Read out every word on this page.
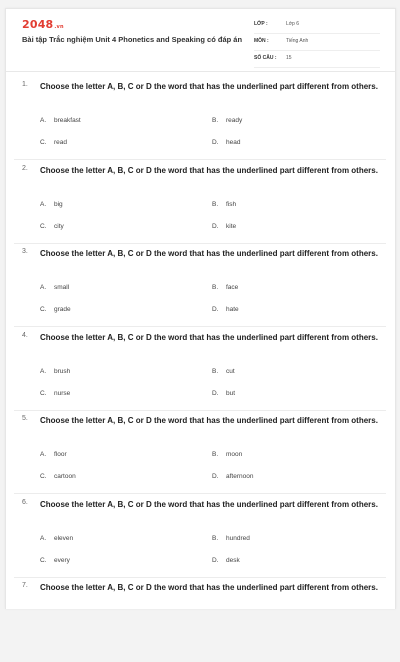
2048.vn
Bài tập Trắc nghiệm Unit 4 Phonetics and Speaking có đáp án
LỚP :	Lớp 6
MÔN :	Tiếng Anh
SỐ CÂU : 15
1. Choose the letter A, B, C or D the word that has the underlined part different from others.
A. breakfast	B. ready
C. read	D. head
2. Choose the letter A, B, C or D the word that has the underlined part different from others.
A. big	B. fish
C. city	D. kite
3. Choose the letter A, B, C or D the word that has the underlined part different from others.
A. small	B. face
C. grade	D. hate
4. Choose the letter A, B, C or D the word that has the underlined part different from others.
A. brush	B. cut
C. nurse	D. but
5. Choose the letter A, B, C or D the word that has the underlined part different from others.
A. floor	B. moon
C. cartoon	D. afternoon
6. Choose the letter A, B, C or D the word that has the underlined part different from others.
A. eleven	B. hundred
C. every	D. desk
7. Choose the letter A, B, C or D the word that has the underlined part different from others.
